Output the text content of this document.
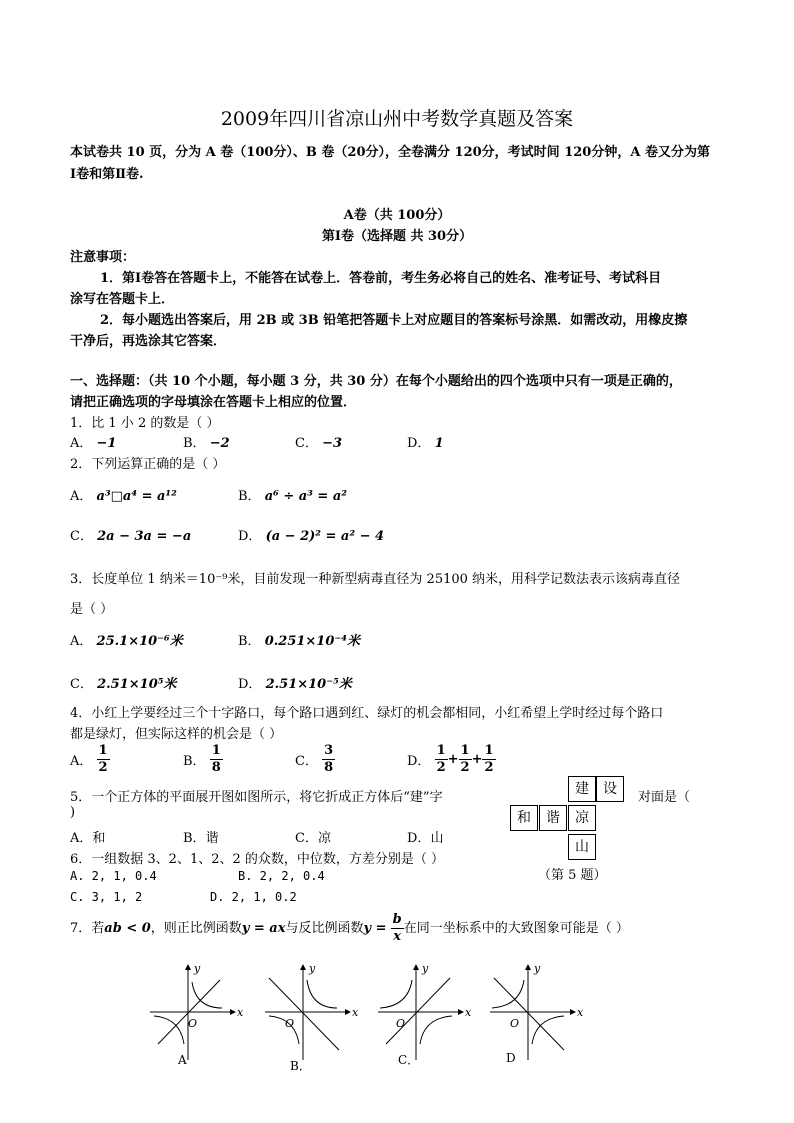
2009年四川省凉山州中考数学真题及答案
本试卷共 10 页，分为 A 卷（100分）、B 卷（20分），全卷满分 120分，考试时间 120分钟，A 卷又分为第
Ⅰ卷和第Ⅱ卷.
A卷（共 100分）
第Ⅰ卷（选择题 共 30分）
注意事项：
1．第Ⅰ卷答在答题卡上，不能答在试卷上．答卷前，考生务必将自己的姓名、准考证号、考试科目
涂写在答题卡上．
2．每小题选出答案后，用 2B 或 3B 铅笔把答题卡上对应题目的答案标号涂黑．如需改动，用橡皮擦
干净后，再选涂其它答案．
一、选择题：（共 10 个小题，每小题 3 分，共 30 分）在每个小题给出的四个选项中只有一项是正确的，
请把正确选项的字母填涂在答题卡上相应的位置．
1．比 1 小 2 的数是（ ）
A． −1	B． −2	C． −3	D． 1
2．下列运算正确的是（ ）
A． a³□a⁴ = a¹²	B． a⁶ ÷ a³ = a²
C． 2a − 3a = −a	D． (a − 2)² = a² − 4
3．长度单位 1 纳米＝10⁻⁹米，目前发现一种新型病毒直径为 25100 纳米，用科学记数法表示该病毒直径
是（ ）
A． 25.1×10⁻⁶米	B． 0.251×10⁻⁴米
C． 2.51×10⁵米	D． 2.51×10⁻⁵米
4．小红上学要经过三个十字路口，每个路口遇到红、绿灯的机会都相同，小红希望上学时经过每个路口
都是绿灯，但实际这样的机会是（ ）
A． $\frac{1}{2}$	B． $\frac{1}{8}$	C． $\frac{3}{8}$	D． $\frac{1}{2} + \frac{1}{2} + \frac{1}{2}$
5．一个正方体的平面展开图如图所示，将它折成正方体后“建”字
)
对面是（
A．和	B．谐	C．凉	D．山
建	设
和	谐	凉
山
（第 5 题）
6．一组数据 3、2、1、2、2 的众数，中位数，方差分别是（ ）
A. 2, 1, 0.4	B. 2, 2, 0.4
C. 3, 1, 2	D. 2, 1, 0.2
7．若ab < 0，则正比例函数y = ax与反比例函数$y = \frac{b}{x}$ 在同一坐标系中的大致图象可能是（ ）
y
x
O
A
y
x
O
B．
y
x
O
C．
y
x
O
D
